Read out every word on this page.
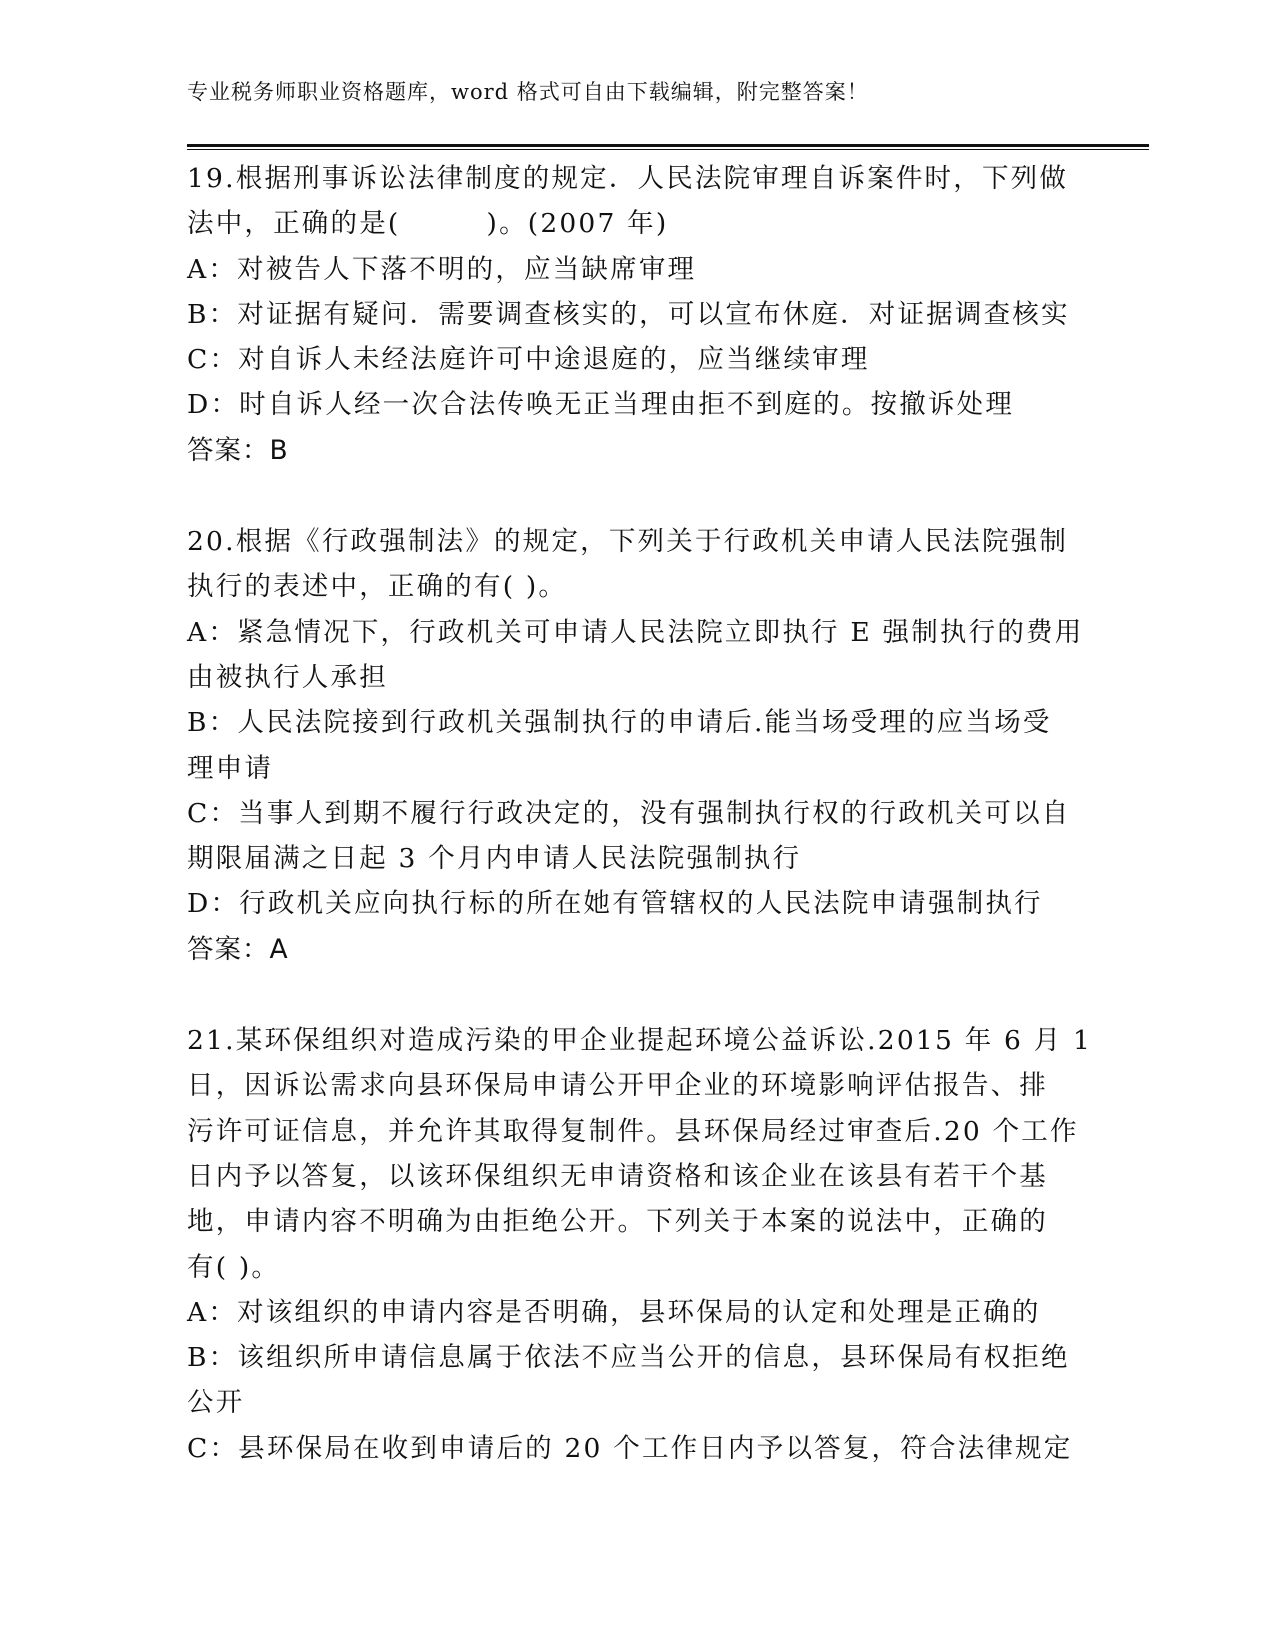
专业税务师职业资格题库，word 格式可自由下载编辑，附完整答案！
19.根据刑事诉讼法律制度的规定．人民法院审理自诉案件时，下列做
法中，正确的是(　　　)。(2007 年)
A：对被告人下落不明的，应当缺席审理
B：对证据有疑问．需要调查核实的，可以宣布休庭．对证据调查核实
C：对自诉人未经法庭许可中途退庭的，应当继续审理
D：时自诉人经一次合法传唤无正当理由拒不到庭的。按撤诉处理
答案：B
20.根据《行政强制法》的规定，下列关于行政机关申请人民法院强制
执行的表述中，正确的有( )。
A：紧急情况下，行政机关可申请人民法院立即执行 E 强制执行的费用
由被执行人承担
B：人民法院接到行政机关强制执行的申请后.能当场受理的应当场受
理申请
C：当事人到期不履行行政决定的，没有强制执行权的行政机关可以自
期限届满之日起 3 个月内申请人民法院强制执行
D：行政机关应向执行标的所在她有管辖权的人民法院申请强制执行
答案：A
21.某环保组织对造成污染的甲企业提起环境公益诉讼.2015 年 6 月 1
日，因诉讼需求向县环保局申请公开甲企业的环境影响评估报告、排
污许可证信息，并允许其取得复制件。县环保局经过审查后.20 个工作
日内予以答复，以该环保组织无申请资格和该企业在该县有若干个基
地，申请内容不明确为由拒绝公开。下列关于本案的说法中，正确的
有( )。
A：对该组织的申请内容是否明确，县环保局的认定和处理是正确的
B：该组织所申请信息属于依法不应当公开的信息，县环保局有权拒绝
公开
C：县环保局在收到申请后的 20 个工作日内予以答复，符合法律规定
